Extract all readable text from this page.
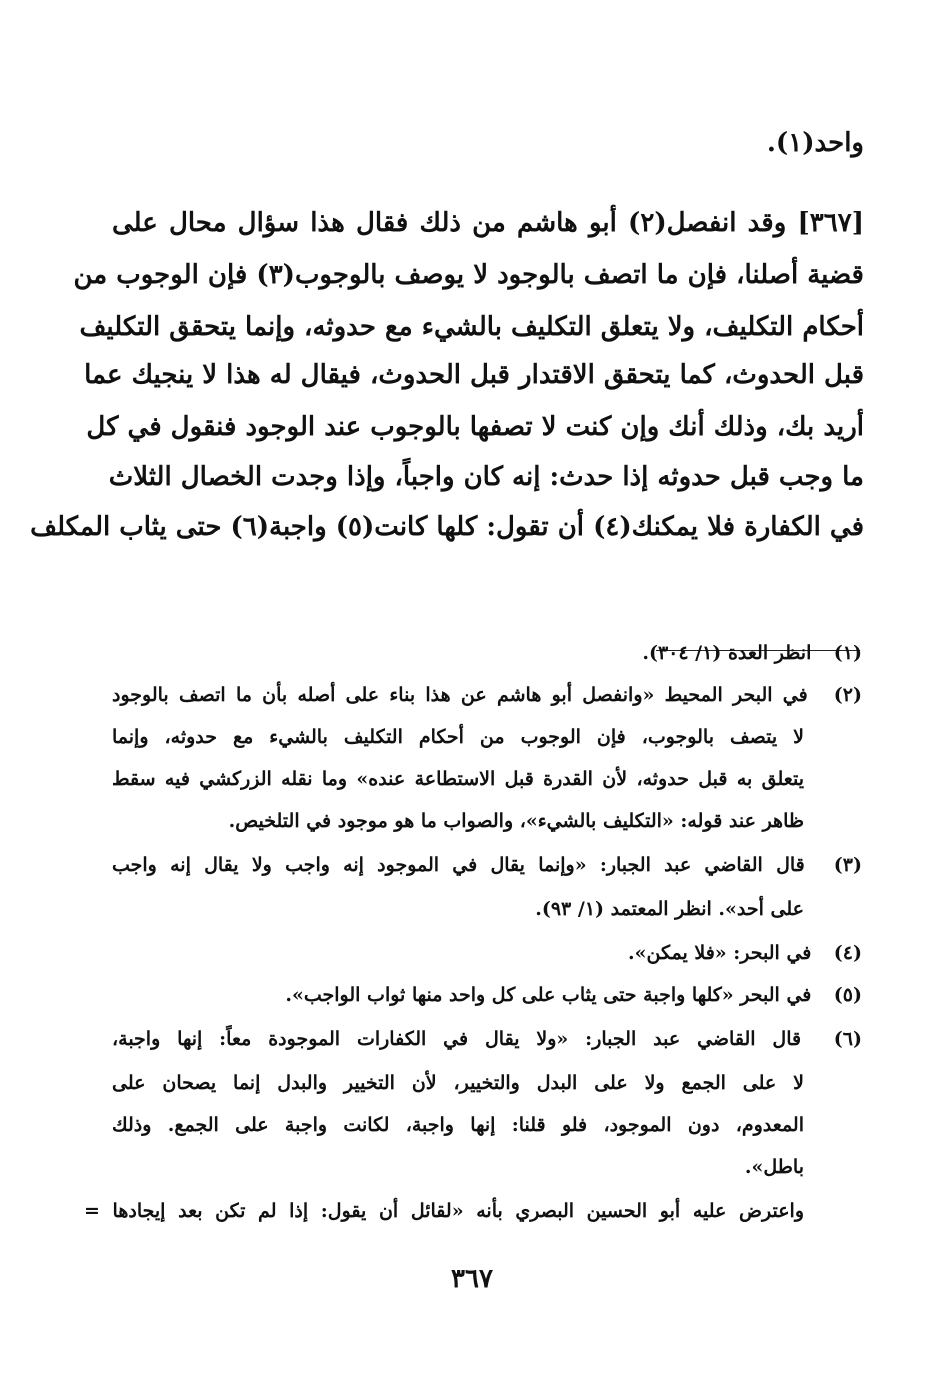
واحد(١).
[٣٦٧] وقد انفصل(٢) أبو هاشم من ذلك فقال هذا سؤال محال على
قضية أصلنا، فإن ما اتصف بالوجود لا يوصف بالوجوب(٣) فإن الوجوب من
أحكام التكليف، ولا يتعلق التكليف بالشيء مع حدوثه، وإنما يتحقق التكليف
قبل الحدوث، كما يتحقق الاقتدار قبل الحدوث، فيقال له هذا لا ينجيك عما
أريد بك، وذلك أنك وإن كنت لا تصفها بالوجوب عند الوجود فنقول في كل
ما وجب قبل حدوثه إذا حدث: إنه كان واجباً، وإذا وجدت الخصال الثلاث
في الكفارة فلا يمكنك(٤) أن تقول: كلها كانت(٥) واجبة(٦) حتى يثاب المكلف
(١) انظر العدة (١/ ٣٠٤).
(٢) في البحر المحيط «وانفصل أبو هاشم عن هذا بناء على أصله بأن ما اتصف بالوجود
لا يتصف بالوجوب، فإن الوجوب من أحكام التكليف بالشيء مع حدوثه، وإنما
يتعلق به قبل حدوثه، لأن القدرة قبل الاستطاعة عنده» وما نقله الزركشي فيه سقط
ظاهر عند قوله: «التكليف بالشيء»، والصواب ما هو موجود في التلخيص.
(٣) قال القاضي عبد الجبار: «وإنما يقال في الموجود إنه واجب ولا يقال إنه واجب
على أحد». انظر المعتمد (١/ ٩٣).
(٤) في البحر: «فلا يمكن».
(٥) في البحر «كلها واجبة حتى يثاب على كل واحد منها ثواب الواجب».
(٦) قال القاضي عبد الجبار: «ولا يقال في الكفارات الموجودة معاً: إنها واجبة،
لا على الجمع ولا على البدل والتخيير، لأن التخيير والبدل إنما يصحان على
المعدوم، دون الموجود، فلو قلنا: إنها واجبة، لكانت واجبة على الجمع. وذلك
باطل».
واعترض عليه أبو الحسين البصري بأنه «لقائل أن يقول: إذا لم تكن بعد إيجادها =
٣٦٧
